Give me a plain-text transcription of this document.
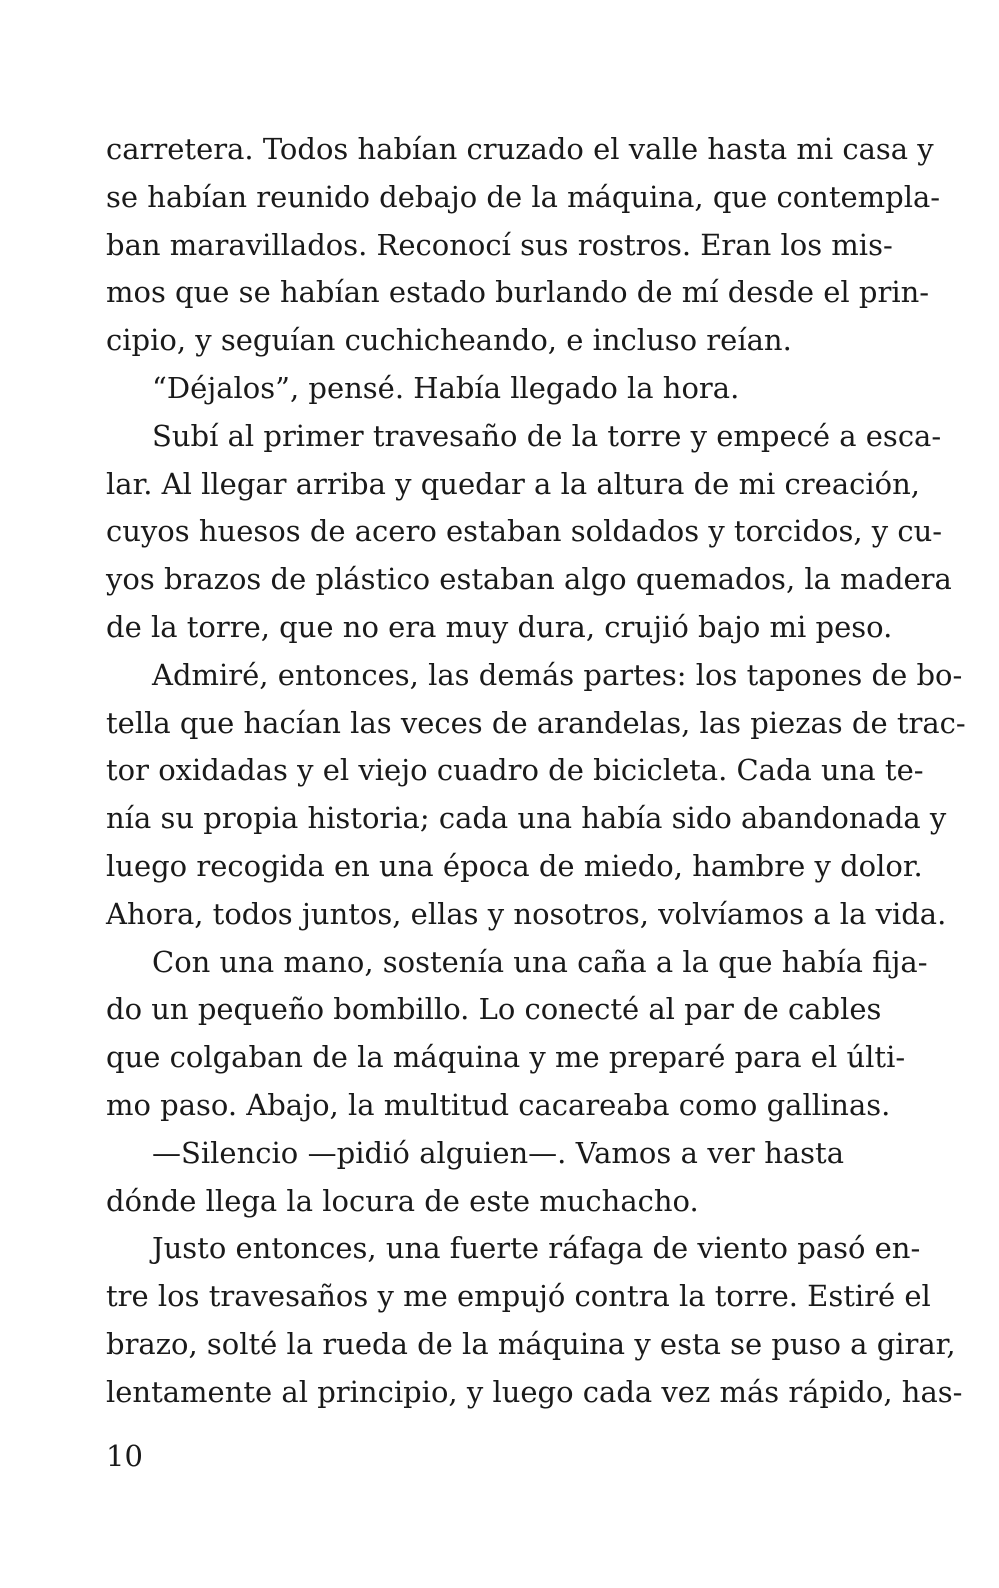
carretera. Todos habían cruzado el valle hasta mi casa y
se habían reunido debajo de la máquina, que contempla-
ban maravillados. Reconocí sus rostros. Eran los mis-
mos que se habían estado burlando de mí desde el prin-
cipio, y seguían cuchicheando, e incluso reían.
“Déjalos”, pensé. Había llegado la hora.
Subí al primer travesaño de la torre y empecé a esca-
lar. Al llegar arriba y quedar a la altura de mi creación,
cuyos huesos de acero estaban soldados y torcidos, y cu-
yos brazos de plástico estaban algo quemados, la madera
de la torre, que no era muy dura, crujió bajo mi peso.
Admiré, entonces, las demás partes: los tapones de bo-
tella que hacían las veces de arandelas, las piezas de trac-
tor oxidadas y el viejo cuadro de bicicleta. Cada una te-
nía su propia historia; cada una había sido abandonada y
luego recogida en una época de miedo, hambre y dolor.
Ahora, todos juntos, ellas y nosotros, volvíamos a la vida.
Con una mano, sostenía una caña a la que había fija-
do un pequeño bombillo. Lo conecté al par de cables
que colgaban de la máquina y me preparé para el últi-
mo paso. Abajo, la multitud cacareaba como gallinas.
—Silencio —pidió alguien—. Vamos a ver hasta
dónde llega la locura de este muchacho.
Justo entonces, una fuerte ráfaga de viento pasó en-
tre los travesaños y me empujó contra la torre. Estiré el
brazo, solté la rueda de la máquina y esta se puso a girar,
lentamente al principio, y luego cada vez más rápido, has-
10
